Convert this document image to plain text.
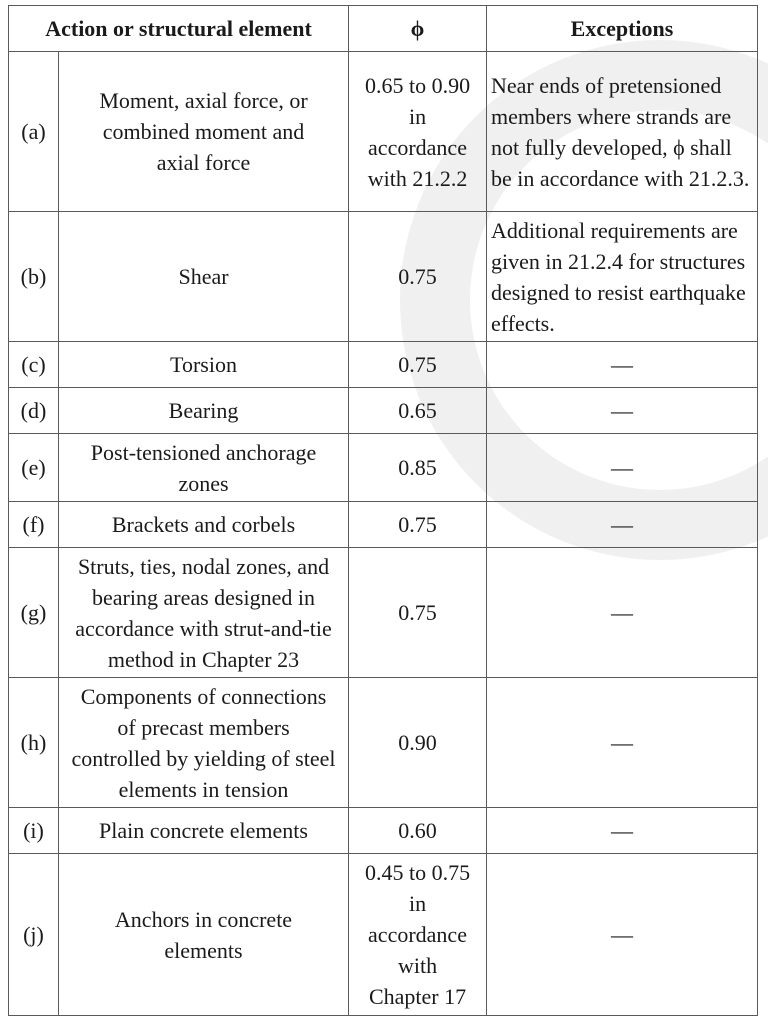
Action or structural element		ϕ	Exceptions
(a)	Moment, axial force, or combined moment and axial force	0.65 to 0.90 in accordance with 21.2.2	Near ends of pretensioned members where strands are not fully developed, ϕ shall be in accordance with 21.2.3.
(b)	Shear	0.75	Additional requirements are given in 21.2.4 for structures designed to resist earthquake effects.
(c)	Torsion	0.75	—
(d)	Bearing	0.65	—
(e)	Post-tensioned anchorage zones	0.85	—
(f)	Brackets and corbels	0.75	—
(g)	Struts, ties, nodal zones, and bearing areas designed in accordance with strut-and-tie method in Chapter 23	0.75	—
(h)	Components of connections of precast members controlled by yielding of steel elements in tension	0.90	—
(i)	Plain concrete elements	0.60	—
(j)	Anchors in concrete elements	0.45 to 0.75 in accordance with Chapter 17	—
